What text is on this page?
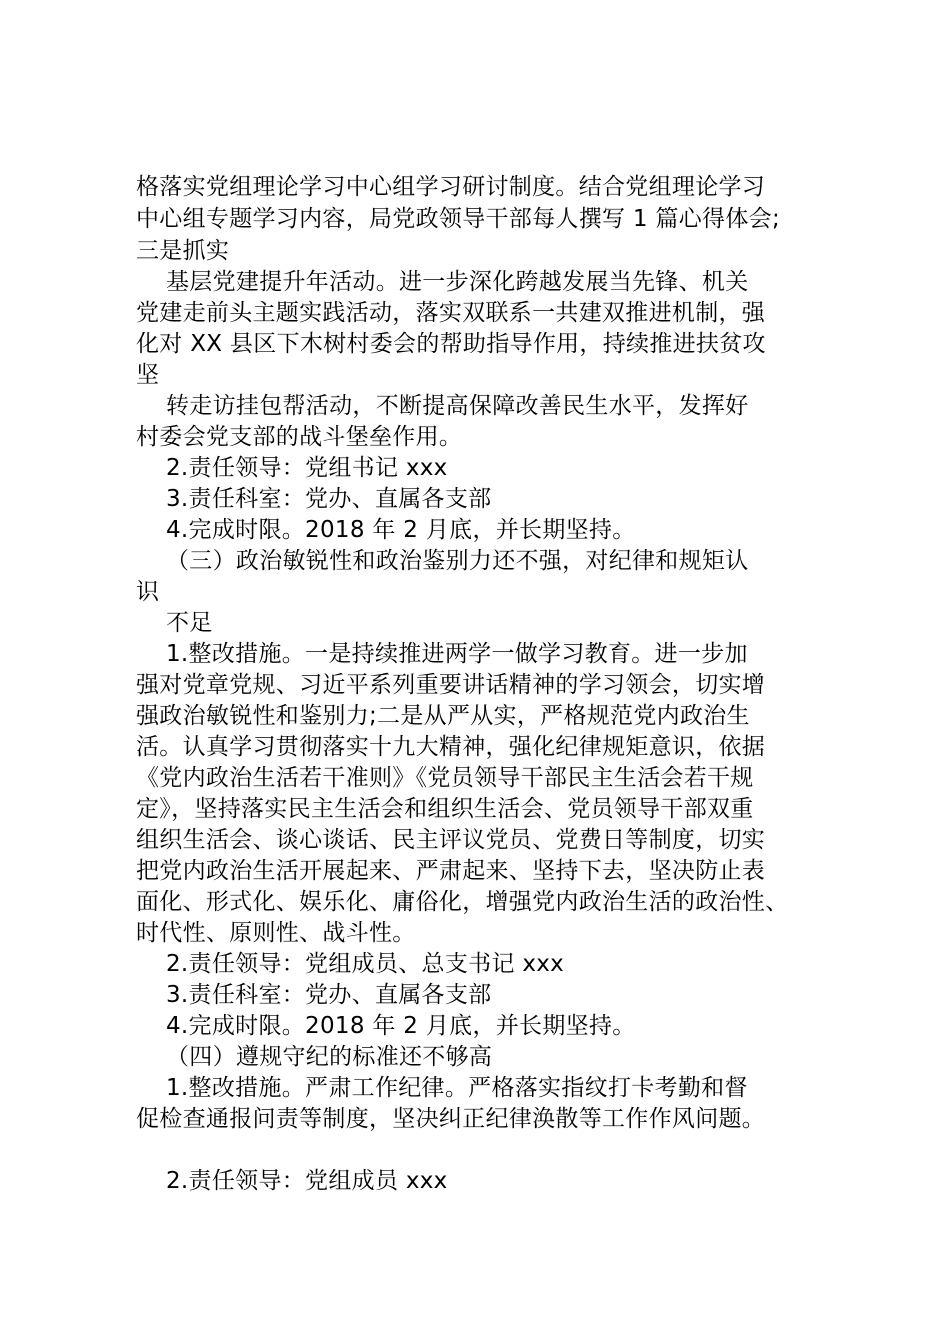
格落实党组理论学习中心组学习研讨制度。结合党组理论学习
中心组专题学习内容，局党政领导干部每人撰写 1 篇心得体会;
三是抓实
基层党建提升年活动。进一步深化跨越发展当先锋、机关
党建走前头主题实践活动，落实双联系一共建双推进机制，强
化对 XX 县区下木树村委会的帮助指导作用，持续推进扶贫攻
坚
转走访挂包帮活动，不断提高保障改善民生水平，发挥好
村委会党支部的战斗堡垒作用。
2.责任领导：党组书记 xxx
3.责任科室：党办、直属各支部
4.完成时限。2018 年 2 月底，并长期坚持。
（三）政治敏锐性和政治鉴别力还不强，对纪律和规矩认
识
不足
1.整改措施。一是持续推进两学一做学习教育。进一步加
强对党章党规、习近平系列重要讲话精神的学习领会，切实增
强政治敏锐性和鉴别力;二是从严从实，严格规范党内政治生
活。认真学习贯彻落实十九大精神，强化纪律规矩意识，依据
《党内政治生活若干准则》《党员领导干部民主生活会若干规
定》，坚持落实民主生活会和组织生活会、党员领导干部双重
组织生活会、谈心谈话、民主评议党员、党费日等制度，切实
把党内政治生活开展起来、严肃起来、坚持下去，坚决防止表
面化、形式化、娱乐化、庸俗化，增强党内政治生活的政治性、
时代性、原则性、战斗性。
2.责任领导：党组成员、总支书记 xxx
3.责任科室：党办、直属各支部
4.完成时限。2018 年 2 月底，并长期坚持。
（四）遵规守纪的标准还不够高
1.整改措施。严肃工作纪律。严格落实指纹打卡考勤和督
促检查通报问责等制度，坚决纠正纪律涣散等工作作风问题。
2.责任领导：党组成员 xxx
